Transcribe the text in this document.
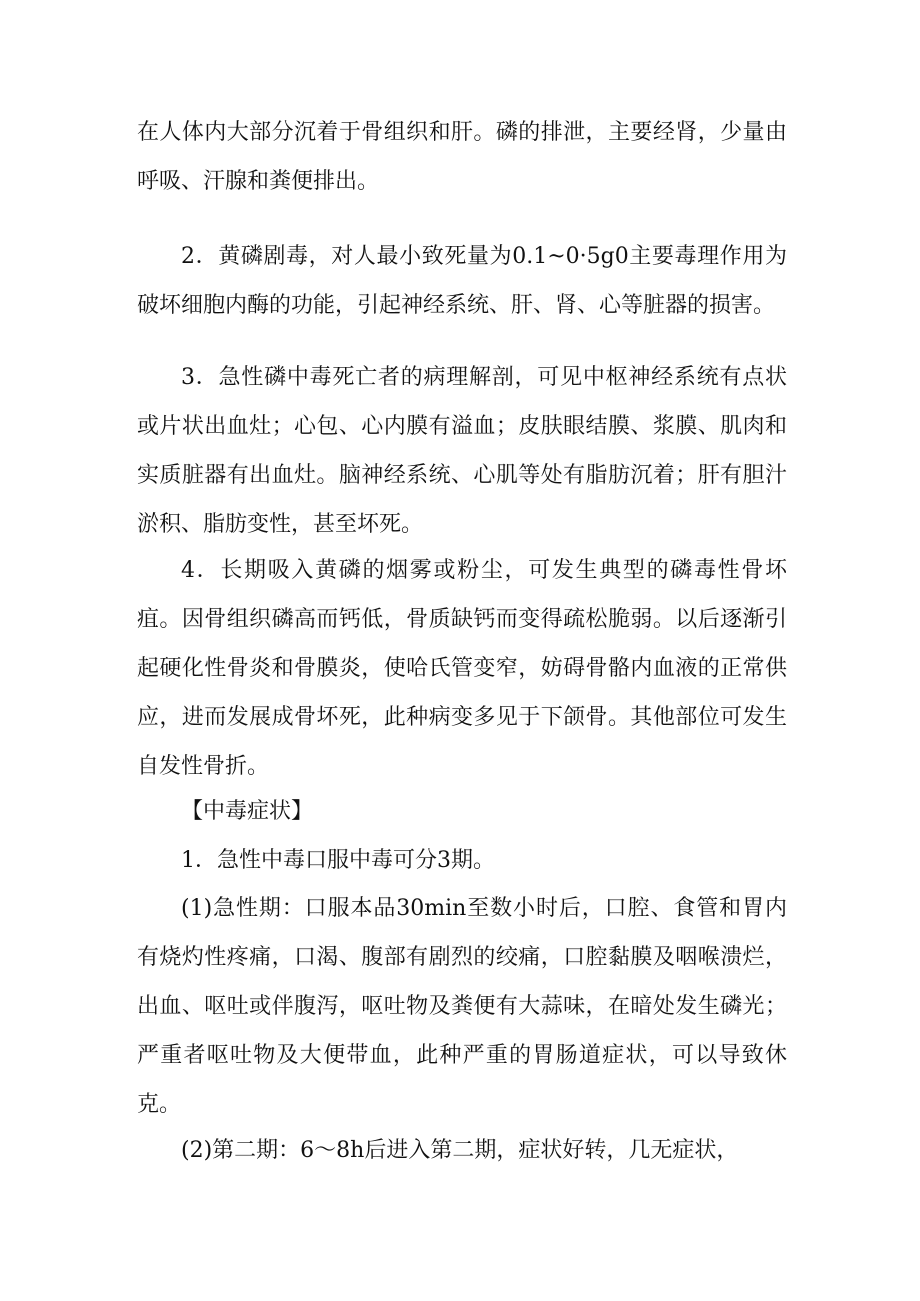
在人体内大部分沉着于骨组织和肝。磷的排泄，主要经肾，少量由呼吸、汗腺和粪便排出。

2．黄磷剧毒，对人最小致死量为0.1~0·5g0主要毒理作用为破坏细胞内酶的功能，引起神经系统、肝、肾、心等脏器的损害。

3．急性磷中毒死亡者的病理解剖，可见中枢神经系统有点状或片状出血灶；心包、心内膜有溢血；皮肤眼结膜、浆膜、肌肉和实质脏器有出血灶。脑神经系统、心肌等处有脂肪沉着；肝有胆汁淤积、脂肪变性，甚至坏死。

4．长期吸入黄磷的烟雾或粉尘，可发生典型的磷毒性骨坏疽。因骨组织磷高而钙低，骨质缺钙而变得疏松脆弱。以后逐渐引起硬化性骨炎和骨膜炎，使哈氏管变窄，妨碍骨骼内血液的正常供应，进而发展成骨坏死，此种病变多见于下颌骨。其他部位可发生自发性骨折。

【中毒症状】

1．急性中毒口服中毒可分3期。

(1)急性期：口服本品30min至数小时后，口腔、食管和胃内有烧灼性疼痛，口渴、腹部有剧烈的绞痛，口腔黏膜及咽喉溃烂，出血、呕吐或伴腹泻，呕吐物及粪便有大蒜味，在暗处发生磷光；严重者呕吐物及大便带血，此种严重的胃肠道症状，可以导致休克。

(2)第二期：6～8h后进入第二期，症状好转，几无症状，
